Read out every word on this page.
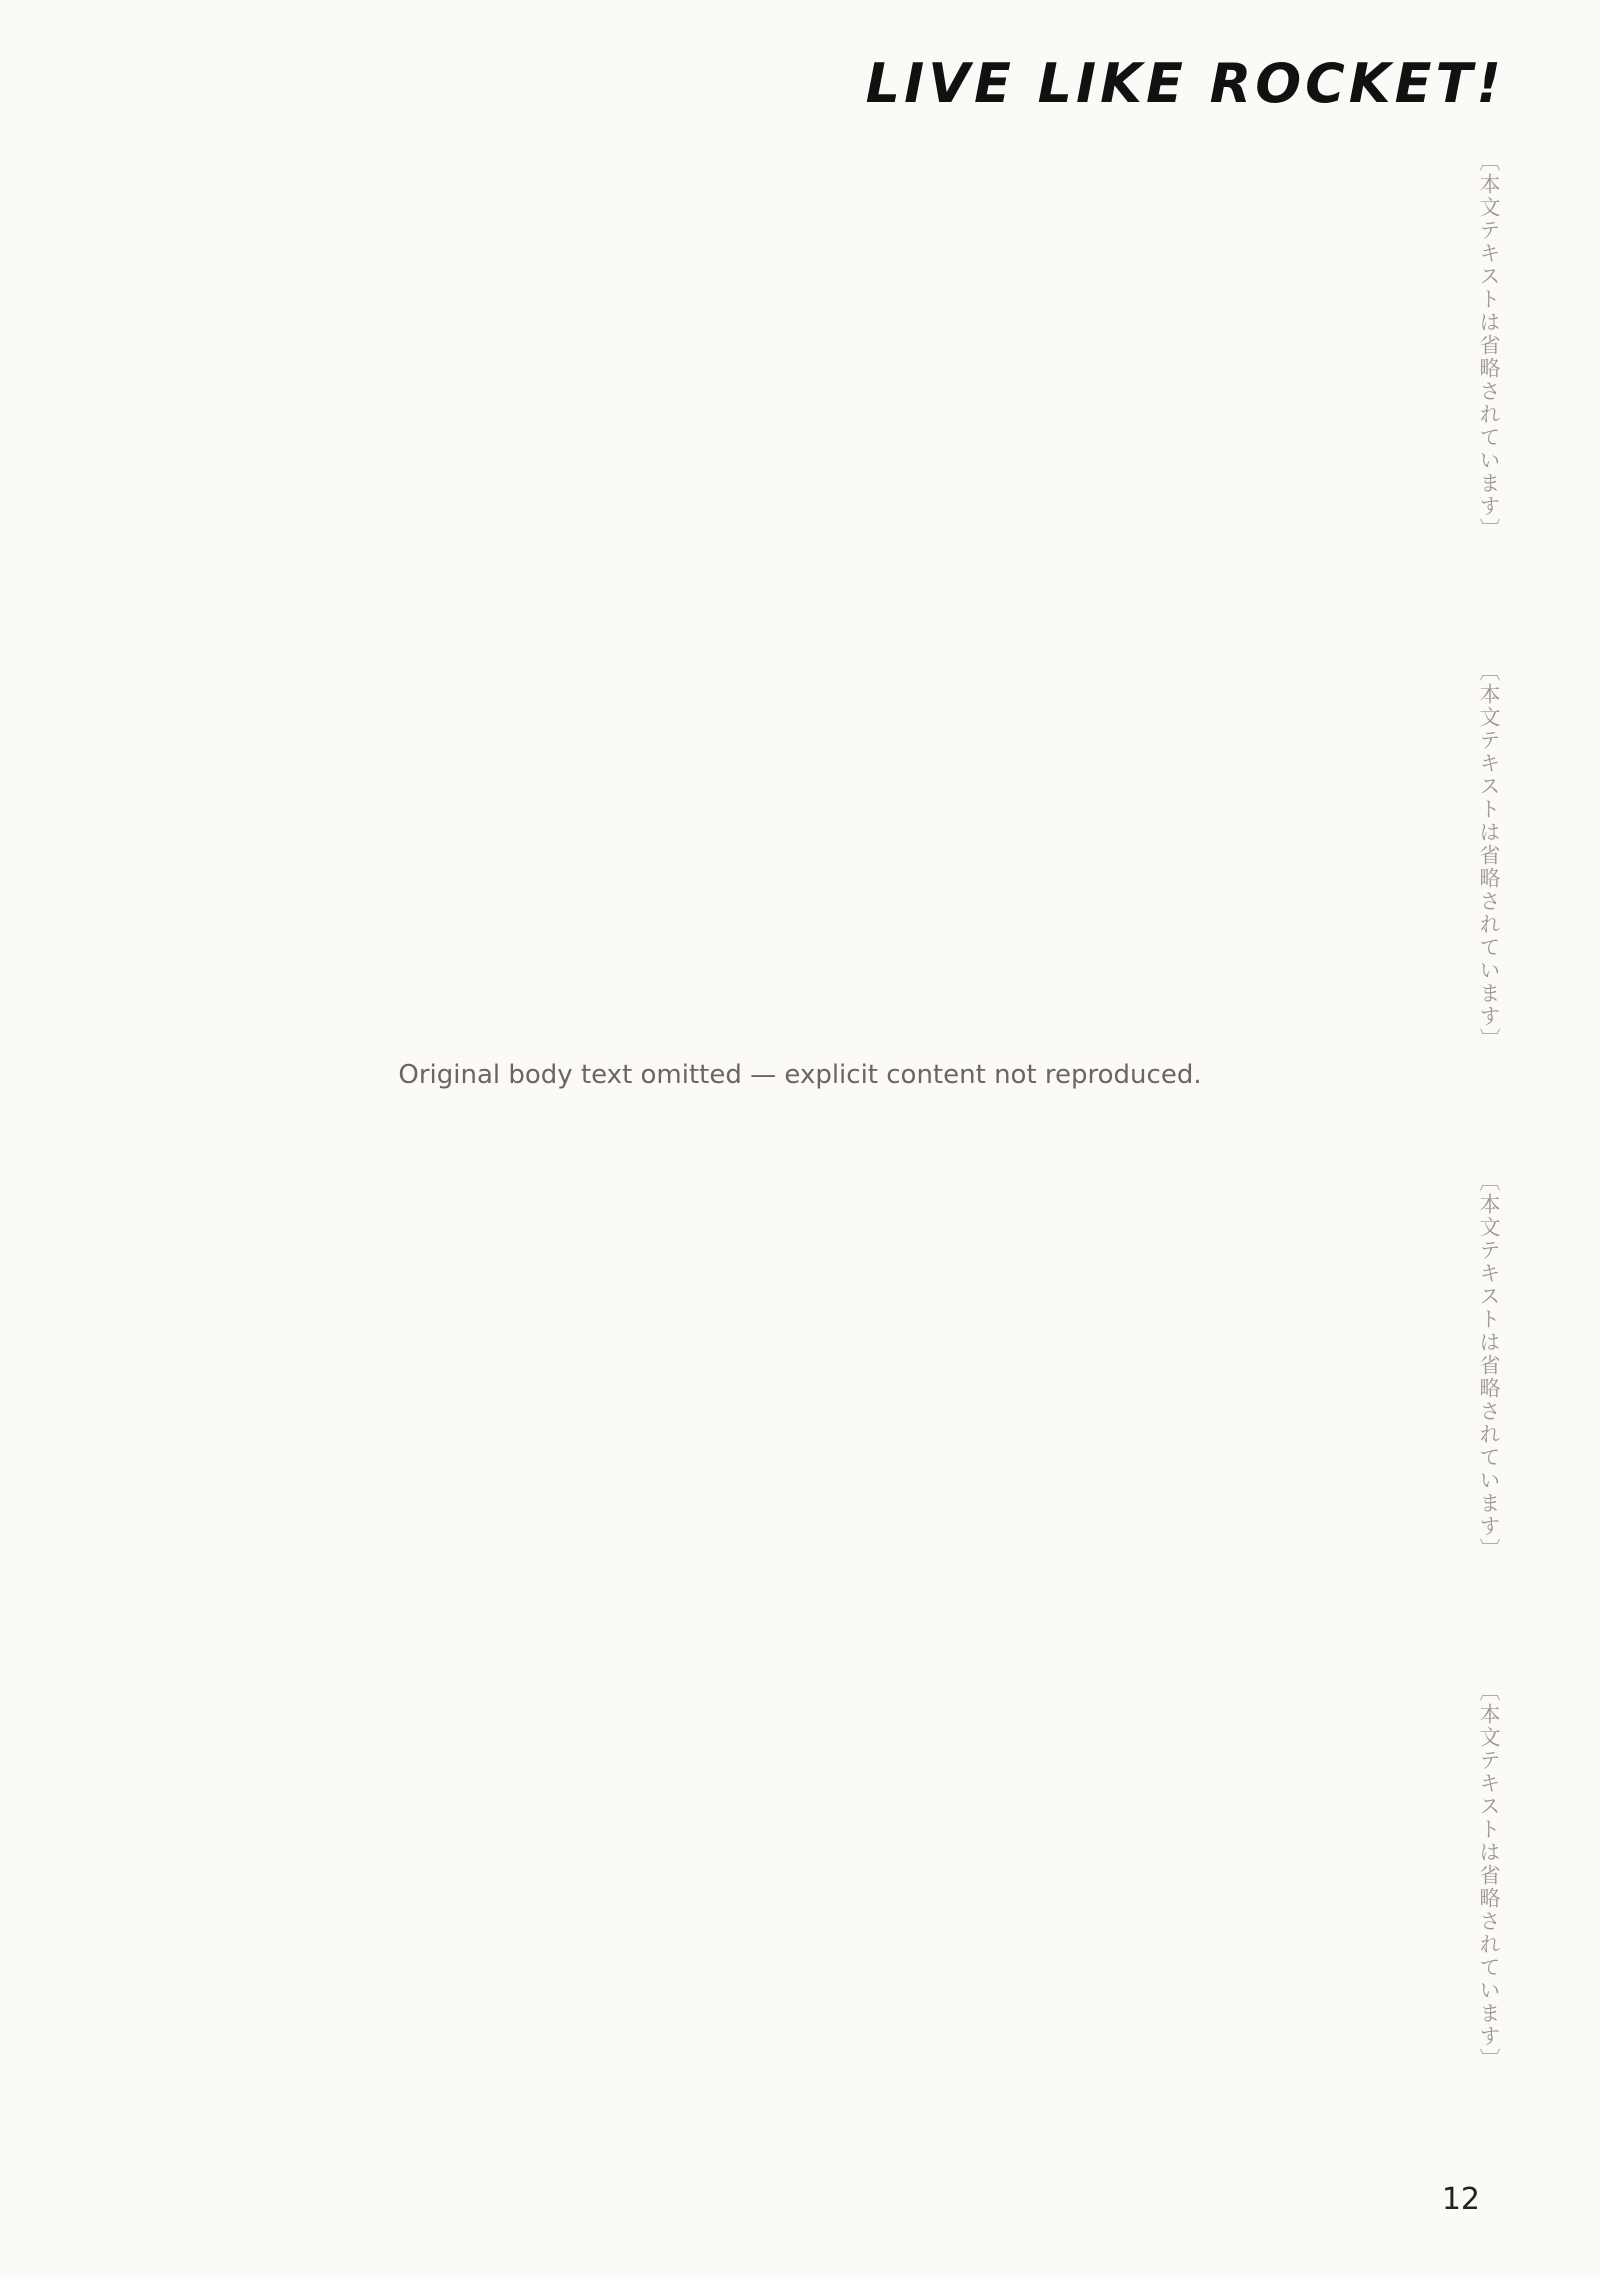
LIVE LIKE ROCKET!
〔本文テキストは省略されています〕
〔本文テキストは省略されています〕
〔本文テキストは省略されています〕
〔本文テキストは省略されています〕
Original body text omitted — explicit content not reproduced.
12
